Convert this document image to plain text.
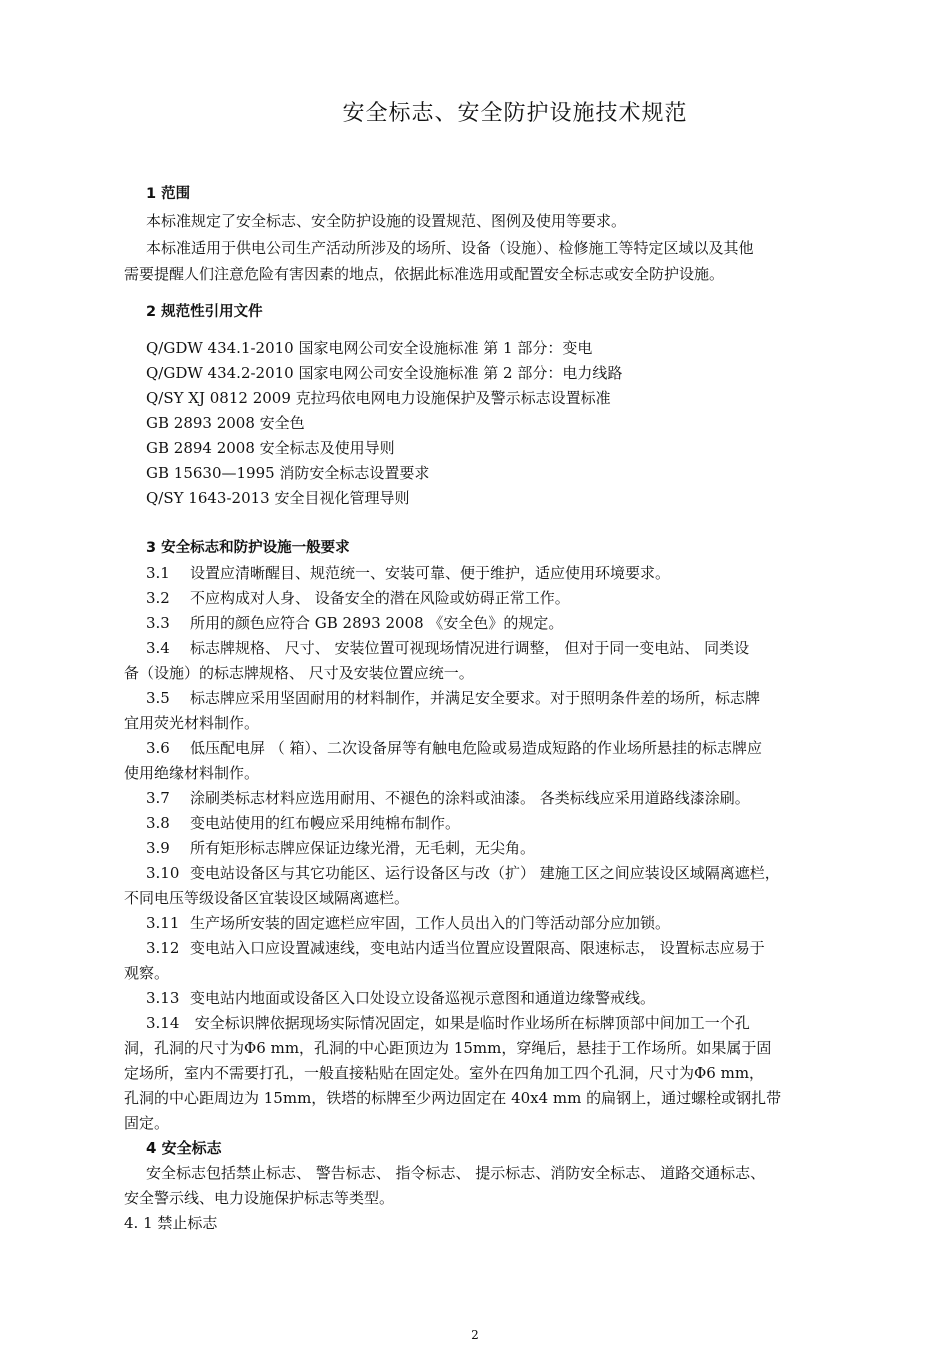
安全标志、安全防护设施技术规范
1 范围
本标准规定了安全标志、安全防护设施的设置规范、图例及使用等要求。
本标准适用于供电公司生产活动所涉及的场所、设备（设施）、检修施工等特定区域以及其他
需要提醒人们注意危险有害因素的地点，依据此标准选用或配置安全标志或安全防护设施。
2 规范性引用文件
Q/GDW 434.1-2010 国家电网公司安全设施标准 第 1 部分：变电
Q/GDW 434.2-2010 国家电网公司安全设施标准 第 2 部分：电力线路
Q/SY XJ 0812 2009 克拉玛依电网电力设施保护及警示标志设置标准
GB 2893 2008 安全色
GB 2894 2008 安全标志及使用导则
GB 15630—1995 消防安全标志设置要求
Q/SY 1643-2013 安全目视化管理导则
3 安全标志和防护设施一般要求
3.1 设置应清晰醒目、规范统一、安装可靠、便于维护，适应使用环境要求。
3.2 不应构成对人身、 设备安全的潜在风险或妨碍正常工作。
3.3 所用的颜色应符合 GB 2893 2008 《安全色》的规定。
3.4 标志牌规格、 尺寸、 安装位置可视现场情况进行调整， 但对于同一变电站、 同类设
备（设施）的标志牌规格、 尺寸及安装位置应统一。
3.5 标志牌应采用坚固耐用的材料制作，并满足安全要求。对于照明条件差的场所，标志牌
宜用荧光材料制作。
3.6 低压配电屏 （ 箱）、二次设备屏等有触电危险或易造成短路的作业场所悬挂的标志牌应
使用绝缘材料制作。
3.7 涂刷类标志材料应选用耐用、不褪色的涂料或油漆。 各类标线应采用道路线漆涂刷。
3.8 变电站使用的红布幔应采用纯棉布制作。
3.9 所有矩形标志牌应保证边缘光滑，无毛刺，无尖角。
3.10 变电站设备区与其它功能区、运行设备区与改（扩） 建施工区之间应装设区域隔离遮栏，
不同电压等级设备区宜装设区域隔离遮栏。
3.11 生产场所安装的固定遮栏应牢固，工作人员出入的门等活动部分应加锁。
3.12 变电站入口应设置减速线，变电站内适当位置应设置限高、限速标志， 设置标志应易于
观察。
3.13 变电站内地面或设备区入口处设立设备巡视示意图和通道边缘警戒线。
3.14 安全标识牌依据现场实际情况固定，如果是临时作业场所在标牌顶部中间加工一个孔
洞，孔洞的尺寸为Φ6 mm，孔洞的中心距顶边为 15mm，穿绳后，悬挂于工作场所。如果属于固
定场所，室内不需要打孔，一般直接粘贴在固定处。室外在四角加工四个孔洞，尺寸为Φ6 mm，
孔洞的中心距周边为 15mm，铁塔的标牌至少两边固定在 40x4 mm 的扁钢上，通过螺栓或钢扎带
固定。
4 安全标志
安全标志包括禁止标志、 警告标志、 指令标志、 提示标志、消防安全标志、 道路交通标志、
安全警示线、电力设施保护标志等类型。
4. 1 禁止标志
2
